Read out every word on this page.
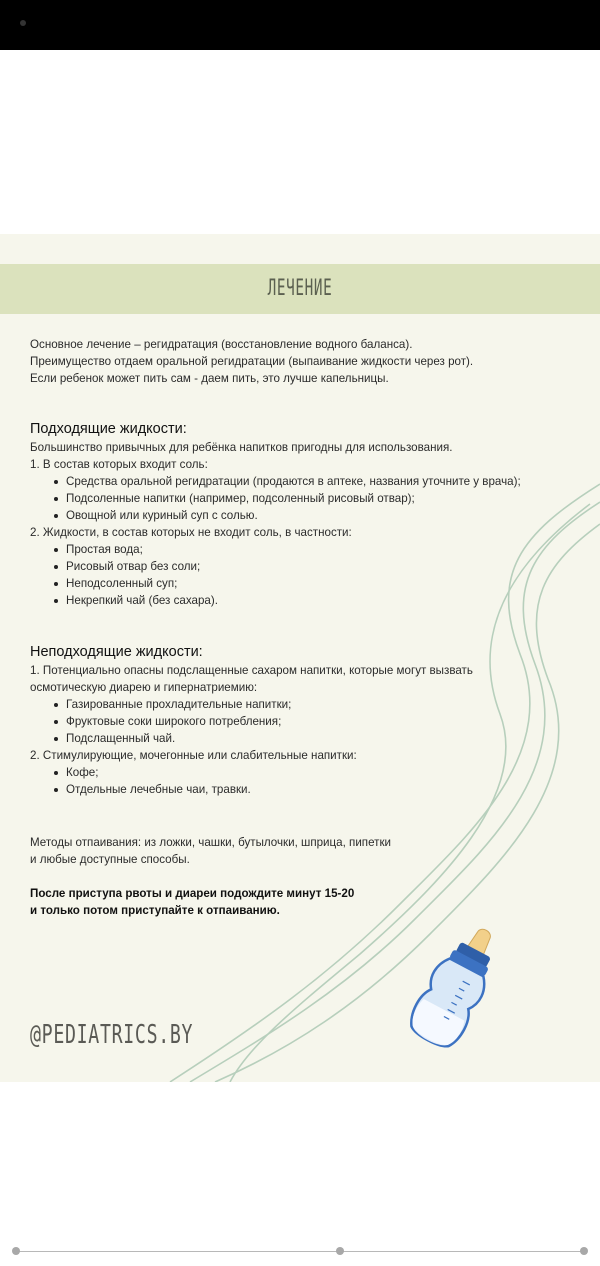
ЛЕЧЕНИЕ

Основное лечение – регидратация (восстановление водного баланса).

Преимущество отдаем оральной регидратации (выпаивание жидкости через рот).

Если ребенок может пить сам - даем пить, это лучше капельницы.

Подходящие жидкости:

Большинство привычных для ребёнка напитков пригодны для использования.

1. В состав которых входит соль:

Средства оральной регидратации (продаются в аптеке, названия уточните у врача);
Подсоленные напитки (например, подсоленный рисовый отвар);
Овощной или куриный суп с солью.

2. Жидкости, в состав которых не входит соль, в частности:

Простая вода;
Рисовый отвар без соли;
Неподсоленный суп;
Некрепкий чай (без сахара).

Неподходящие жидкости:

1. Потенциально опасны подслащенные сахаром напитки, которые могут вызвать

осмотическую диарею и гипернатриемию:

Газированные прохладительные напитки;
Фруктовые соки широкого потребления;
Подслащенный чай.

2. Стимулирующие, мочегонные или слабительные напитки:

Кофе;
Отдельные лечебные чаи, травки.

Методы отпаивания: из ложки, чашки, бутылочки, шприца, пипетки

и любые доступные способы.

После приступа рвоты и диареи подождите минут 15-20

и только потом приступайте к отпаиванию.

@PEDIATRICS.BY
